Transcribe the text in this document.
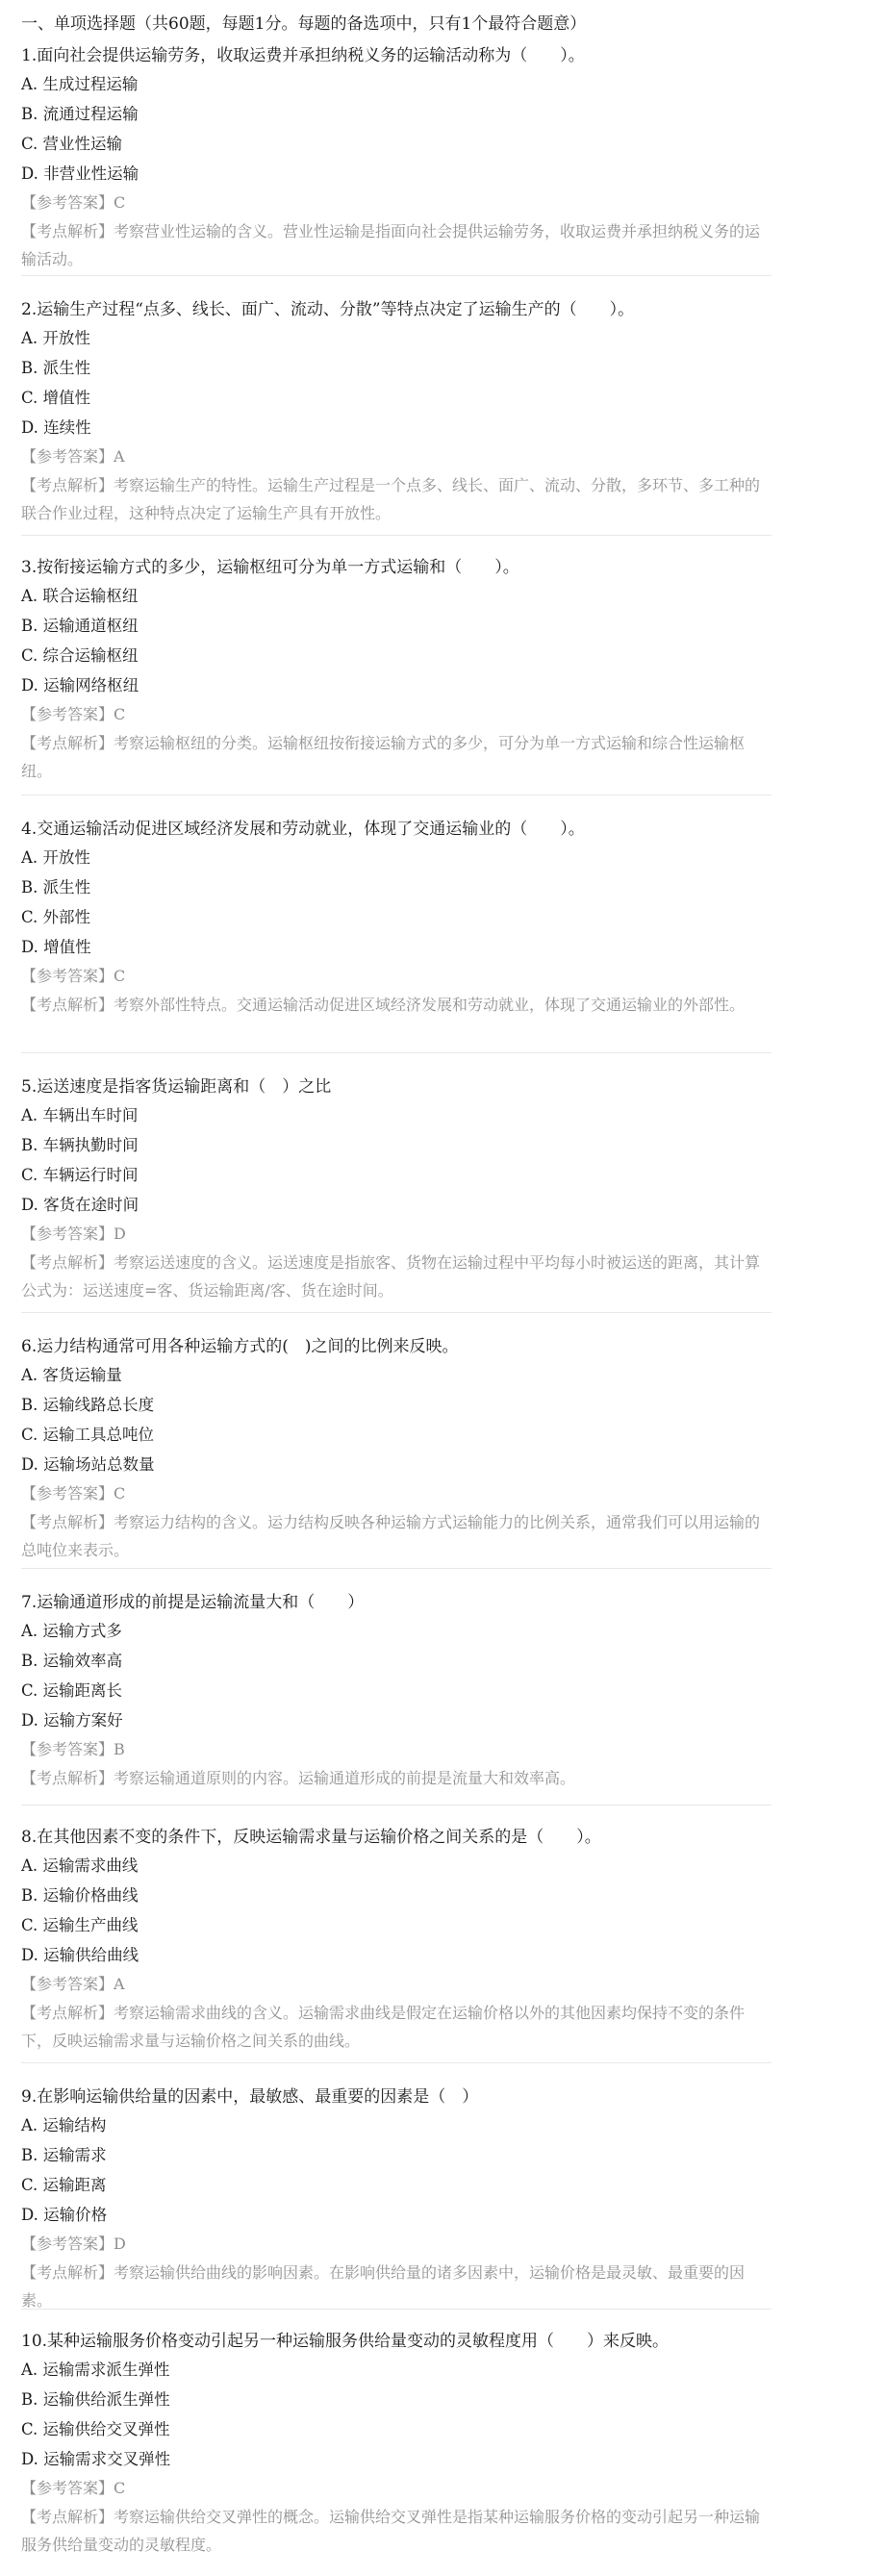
一、单项选择题（共60题，每题1分。每题的备选项中，只有1个最符合题意）

1.面向社会提供运输劳务，收取运费并承担纳税义务的运输活动称为（　　）。

A. 生成过程运输

B. 流通过程运输

C. 营业性运输

D. 非营业性运输

【参考答案】C

【考点解析】考察营业性运输的含义。营业性运输是指面向社会提供运输劳务，收取运费并承担纳税义务的运输活动。

2.运输生产过程“点多、线长、面广、流动、分散”等特点决定了运输生产的（　　）。

A. 开放性

B. 派生性

C. 增值性

D. 连续性

【参考答案】A

【考点解析】考察运输生产的特性。运输生产过程是一个点多、线长、面广、流动、分散，多环节、多工种的联合作业过程，这种特点决定了运输生产具有开放性。

3.按衔接运输方式的多少，运输枢纽可分为单一方式运输和（　　）。

A. 联合运输枢纽

B. 运输通道枢纽

C. 综合运输枢纽

D. 运输网络枢纽

【参考答案】C

【考点解析】考察运输枢纽的分类。运输枢纽按衔接运输方式的多少，可分为单一方式运输和综合性运输枢纽。

4.交通运输活动促进区域经济发展和劳动就业，体现了交通运输业的（　　）。

A. 开放性

B. 派生性

C. 外部性

D. 增值性

【参考答案】C

【考点解析】考察外部性特点。交通运输活动促进区域经济发展和劳动就业，体现了交通运输业的外部性。

5.运送速度是指客货运输距离和（　）之比

A. 车辆出车时间

B. 车辆执勤时间

C. 车辆运行时间

D. 客货在途时间

【参考答案】D

【考点解析】考察运送速度的含义。运送速度是指旅客、货物在运输过程中平均每小时被运送的距离，其计算公式为：运送速度=客、货运输距离/客、货在途时间。

6.运力结构通常可用各种运输方式的(　)之间的比例来反映。

A. 客货运输量

B. 运输线路总长度

C. 运输工具总吨位

D. 运输场站总数量

【参考答案】C

【考点解析】考察运力结构的含义。运力结构反映各种运输方式运输能力的比例关系，通常我们可以用运输的总吨位来表示。

7.运输通道形成的前提是运输流量大和（　　）

A. 运输方式多

B. 运输效率高

C. 运输距离长

D. 运输方案好

【参考答案】B

【考点解析】考察运输通道原则的内容。运输通道形成的前提是流量大和效率高。

8.在其他因素不变的条件下，反映运输需求量与运输价格之间关系的是（　　）。

A. 运输需求曲线

B. 运输价格曲线

C. 运输生产曲线

D. 运输供给曲线

【参考答案】A

【考点解析】考察运输需求曲线的含义。运输需求曲线是假定在运输价格以外的其他因素均保持不变的条件下，反映运输需求量与运输价格之间关系的曲线。

9.在影响运输供给量的因素中，最敏感、最重要的因素是（　）

A. 运输结构

B. 运输需求

C. 运输距离

D. 运输价格

【参考答案】D

【考点解析】考察运输供给曲线的影响因素。在影响供给量的诸多因素中，运输价格是最灵敏、最重要的因素。

10.某种运输服务价格变动引起另一种运输服务供给量变动的灵敏程度用（　　）来反映。

A. 运输需求派生弹性

B. 运输供给派生弹性

C. 运输供给交叉弹性

D. 运输需求交叉弹性

【参考答案】C

【考点解析】考察运输供给交叉弹性的概念。运输供给交叉弹性是指某种运输服务价格的变动引起另一种运输服务供给量变动的灵敏程度。
